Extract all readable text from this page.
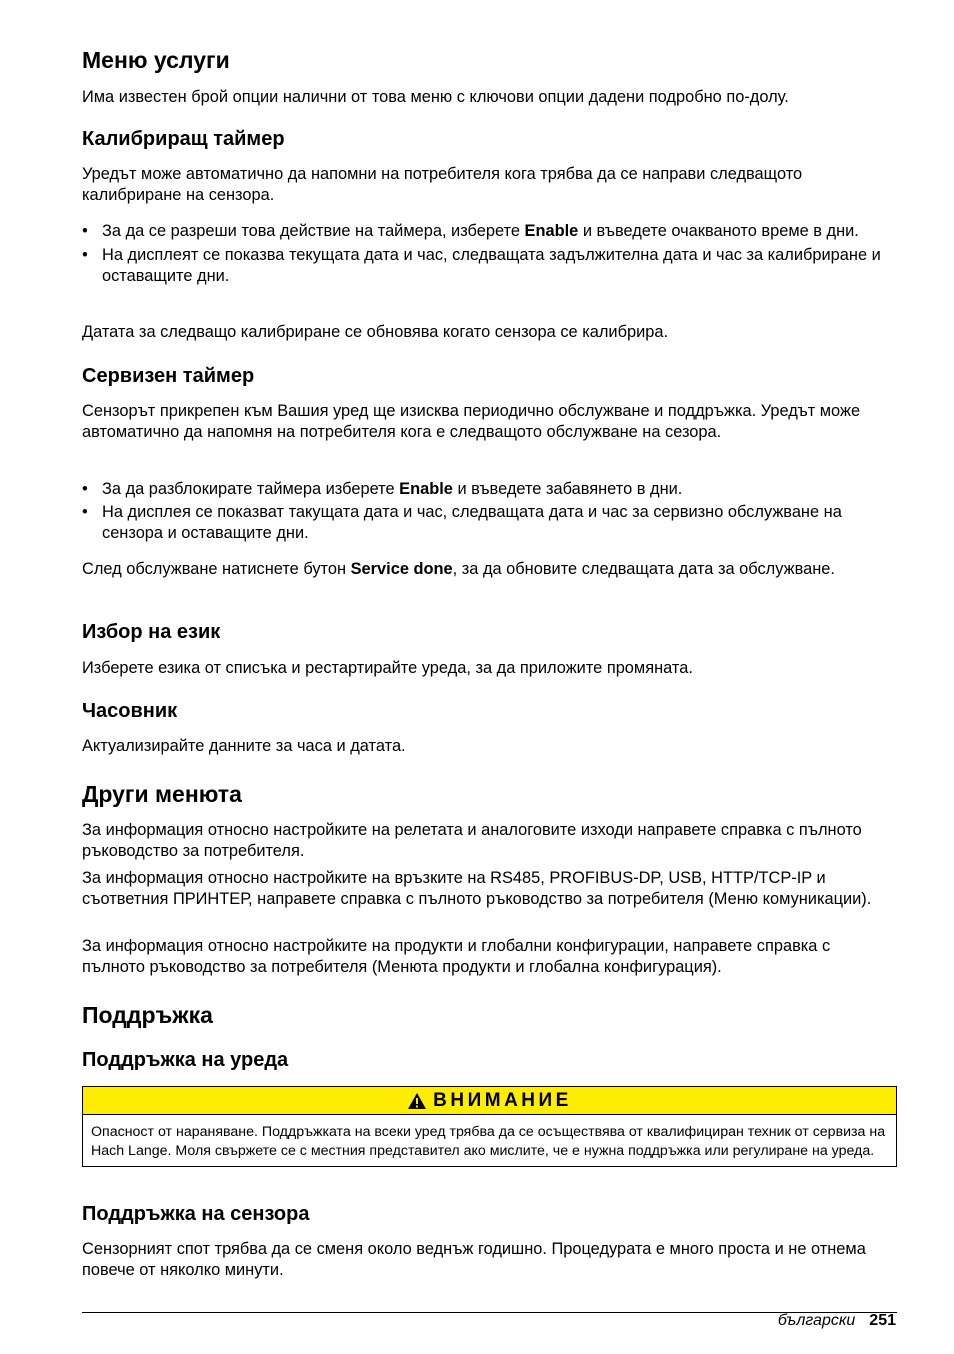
Меню услуги

Има известен брой опции налични от това меню с ключови опции дадени подробно по-долу.

Калибриращ таймер

Уредът може автоматично да напомни на потребителя кога трябва да се направи следващото калибриране на сензора.

• За да се разреши това действие на таймера, изберете Enable и въведете очакваното време в дни.
• На дисплеят се показва текущата дата и час, следващата задължителна дата и час за калибриране и оставащите дни.

Датата за следващо калибриране се обновява когато сензора се калибрира.

Сервизен таймер

Сензорът прикрепен към Вашия уред ще изисква периодично обслужване и поддръжка. Уредът може автоматично да напомня на потребителя кога е следващото обслужване на сезора.

• За да разблокирате таймера изберете Enable и въведете забавянето в дни.
• На дисплея се показват такущата дата и час, следващата дата и час за сервизно обслужване на сензора и оставащите дни.

След обслужване натиснете бутон Service done, за да обновите следващата дата за обслужване.

Избор на език

Изберете езика от списъка и рестартирайте уреда, за да приложите промяната.

Часовник

Актуализирайте данните за часа и датата.

Други менюта

За информация относно настройките на релетата и аналоговите изходи направете справка с пълното ръководство за потребителя.

За информация относно настройките на връзките на RS485, PROFIBUS-DP, USB, HTTP/TCP-IP и съответния ПРИНТЕР, направете справка с пълното ръководство за потребителя (Меню комуникации).

За информация относно настройките на продукти и глобални конфигурации, направете справка с пълното ръководство за потребителя (Менюта продукти и глобална конфигурация).

Поддръжка
Поддръжка на уреда
ВНИМАНИЕ
Опасност от нараняване. Поддръжката на всеки уред трябва да се осъществява от квалифициран техник от сервиза на Hach Lange. Моля свържете се с местния представител ако мислите, че е нужна поддръжка или регулиране на уреда.
Поддръжка на сензора

Сензорният спот трябва да се сменя около веднъж годишно. Процедурата е много проста и не отнема повече от няколко минути.

български 251
